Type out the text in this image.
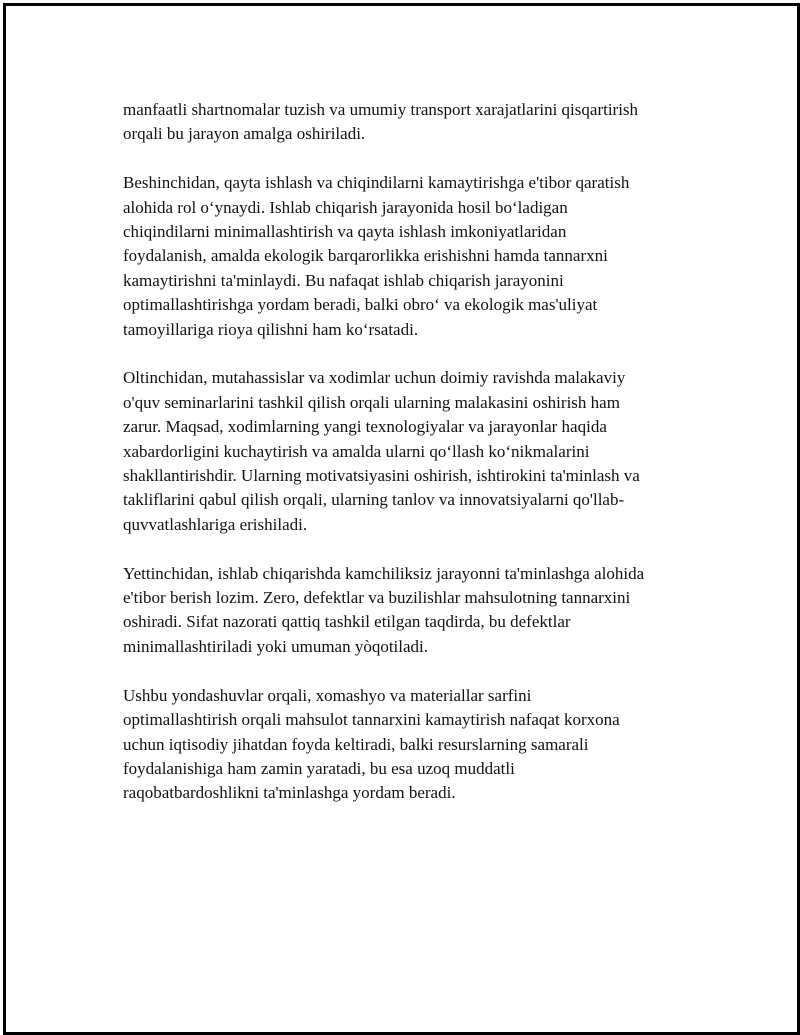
manfaatli shartnomalar tuzish va umumiy transport xarajatlarini qisqartirish
orqali bu jarayon amalga oshiriladi.

Beshinchidan, qayta ishlash va chiqindilarni kamaytirishga e'tibor qaratish
alohida rol o‘ynaydi. Ishlab chiqarish jarayonida hosil bo‘ladigan
chiqindilarni minimallashtirish va qayta ishlash imkoniyatlaridan
foydalanish, amalda ekologik barqarorlikka erishishni hamda tannarxni
kamaytirishni ta'minlaydi. Bu nafaqat ishlab chiqarish jarayonini
optimallashtirishga yordam beradi, balki obro‘ va ekologik mas'uliyat
tamoyillariga rioya qilishni ham ko‘rsatadi.

Oltinchidan, mutahassislar va xodimlar uchun doimiy ravishda malakaviy
o'quv seminarlarini tashkil qilish orqali ularning malakasini oshirish ham
zarur. Maqsad, xodimlarning yangi texnologiyalar va jarayonlar haqida
xabardorligini kuchaytirish va amalda ularni qo‘llash ko‘nikmalarini
shakllantirishdir. Ularning motivatsiyasini oshirish, ishtirokini ta'minlash va
takliflarini qabul qilish orqali, ularning tanlov va innovatsiyalarni qo'llab-
quvvatlashlariga erishiladi.

Yettinchidan, ishlab chiqarishda kamchiliksiz jarayonni ta'minlashga alohida
e'tibor berish lozim. Zero, defektlar va buzilishlar mahsulotning tannarxini
oshiradi. Sifat nazorati qattiq tashkil etilgan taqdirda, bu defektlar
minimallashtiriladi yoki umuman yòqotiladi.

Ushbu yondashuvlar orqali, xomashyo va materiallar sarfini
optimallashtirish orqali mahsulot tannarxini kamaytirish nafaqat korxona
uchun iqtisodiy jihatdan foyda keltiradi, balki resurslarning samarali
foydalanishiga ham zamin yaratadi, bu esa uzoq muddatli
raqobatbardoshlikni ta'minlashga yordam beradi.
